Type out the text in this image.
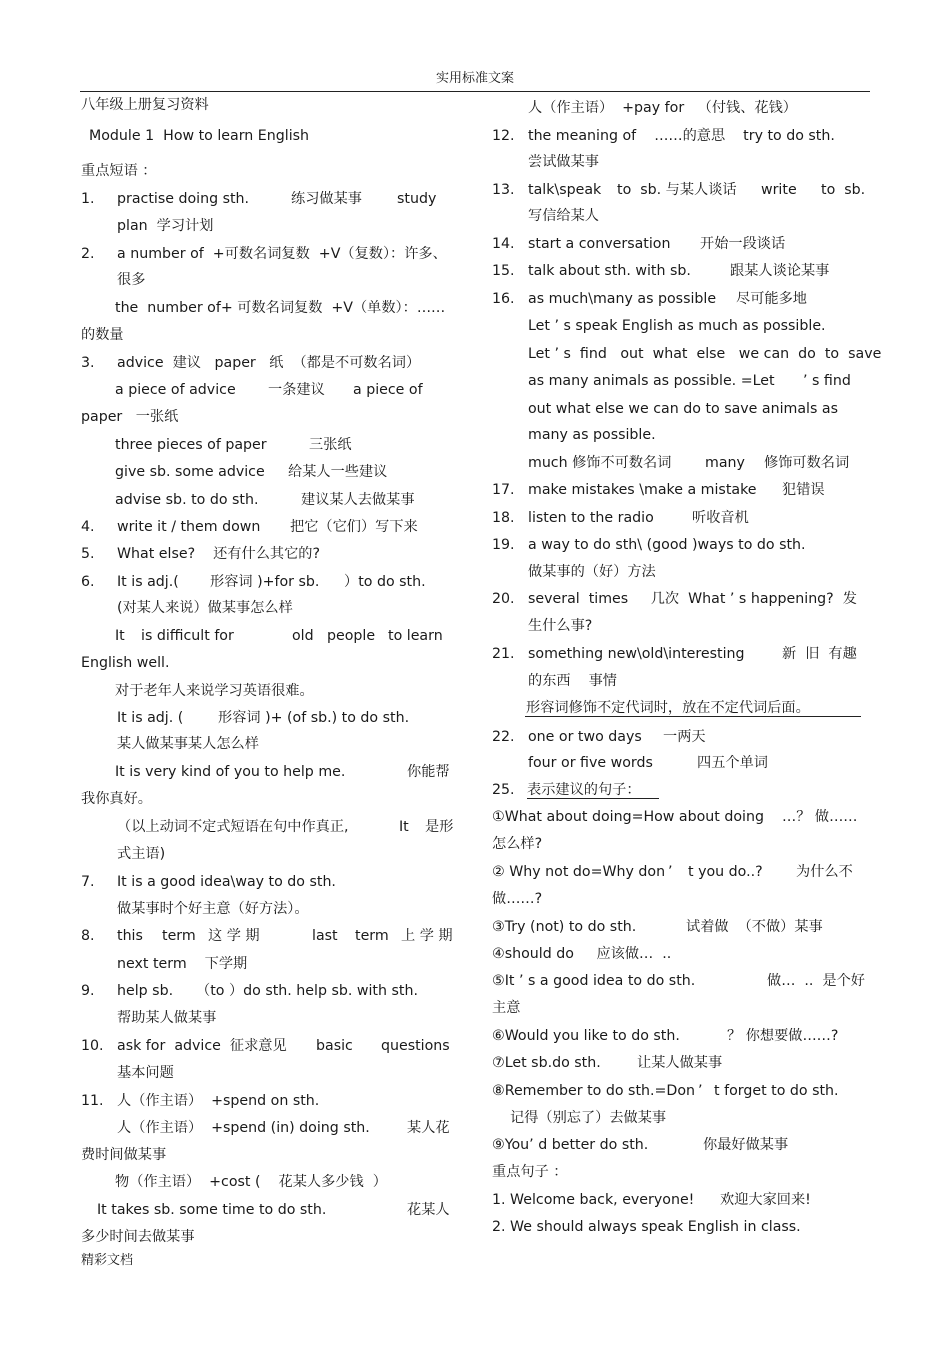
实用标准文案
八年级上册复习资料
Module 1  How to learn English
重点短语 ：
1. practise doing sth.	练习做某事 study
plan  学习计划
2. a number of  +可数名词复数  +V（复数）：许多、
很多
the  number of+ 可数名词复数  +V（单数）：……
的数量
3. advice  建议   paper   纸  （都是不可数名词）
a piece of advice 一条建议 a piece of
paper   一张纸
three pieces of paper	三张纸
give sb. some advice 给某人一些建议
advise sb. to do sth.	建议某人去做某事
4. write it / them down 把它（它们）写下来
5. What else?    还有什么其它的?
6. It is adj.( 形容词 )+for sb. ）to do sth.
(对某人来说）做某事怎么样
It is difficult for	old people to learn
English well.
对于老年人来说学习英语很难。
It is adj. ( 形容词 )+ (of sb.) to do sth.
某人做某事某人怎么样
It is very kind of you to help me.	你能帮
我你真好。
（以上动词不定式短语在句中作真正,	It 是形
式主语)
7. It is a good idea\way to do sth.
做某事时个好主意（好方法）。
8. this term 这 学 期	last term 上 学 期
next term    下学期
9. help sb. （to ）do sth. help sb. with sth.
帮助某人做某事
10. ask for  advice  征求意见 basic questions
基本问题
11. 人（作主语）  +spend on sth.
人（作主语）  +spend (in) doing sth.	某人花
费时间做某事
物（作主语）  +cost (    花某人多少钱  ）
It takes sb. some time to do sth.	花某人
多少时间去做某事
人（作主语）  +pay for   （付钱、花钱）
12. the meaning of    ……的意思    try to do sth.
尝试做某事
13. talk\speak to  sb. 与某人谈话 write to  sb.
写信给某人
14. start a conversation 开始一段谈话
15. talk about sth. with sb.	跟某人谈论某事
16. as much\many as possible 尽可能多地
Let ’ s speak English as much as possible.
Let ’ s  find   out  what  else   we can  do  to  save
as many animals as possible. =Let ’ s find
out what else we can do to save animals as
many as possible.
much 修饰不可数名词 many 修饰可数名词
17. make mistakes \make a mistake 犯错误
18. listen to the radio	听收音机
19. a way to do sth\ (good )ways to do sth.
做某事的（好）方法
20. several  times     几次  What ’ s happening?  发
生什么事?
21. something new\old\interesting	新  旧  有趣
的东西    事情
形容词修饰不定代词时，放在不定代词后面。
22. one or two days 一两天
four or five words	四五个单词
25. 表示建议的句子：
①What about doing=How about doing …？ 做……
怎么样?
② Why not do=Why don ’ t you do..? 为什么不
做……?
③Try (not) to do sth.	试着做  （不做）某事
④should do     应该做…  ..
⑤It ’ s a good idea to do sth.	做…  ..  是个好
主意
⑥Would you like to do sth.	？ 你想要做……?
⑦Let sb.do sth.	让某人做某事
⑧Remember to do sth.=Don ’ t forget to do sth.
记得（别忘了）去做某事
⑨You’ d better do sth.	你最好做某事
重点句子 ：
1. Welcome back, everyone! 欢迎大家回来!
2. We should always speak English in class.
精彩文档
